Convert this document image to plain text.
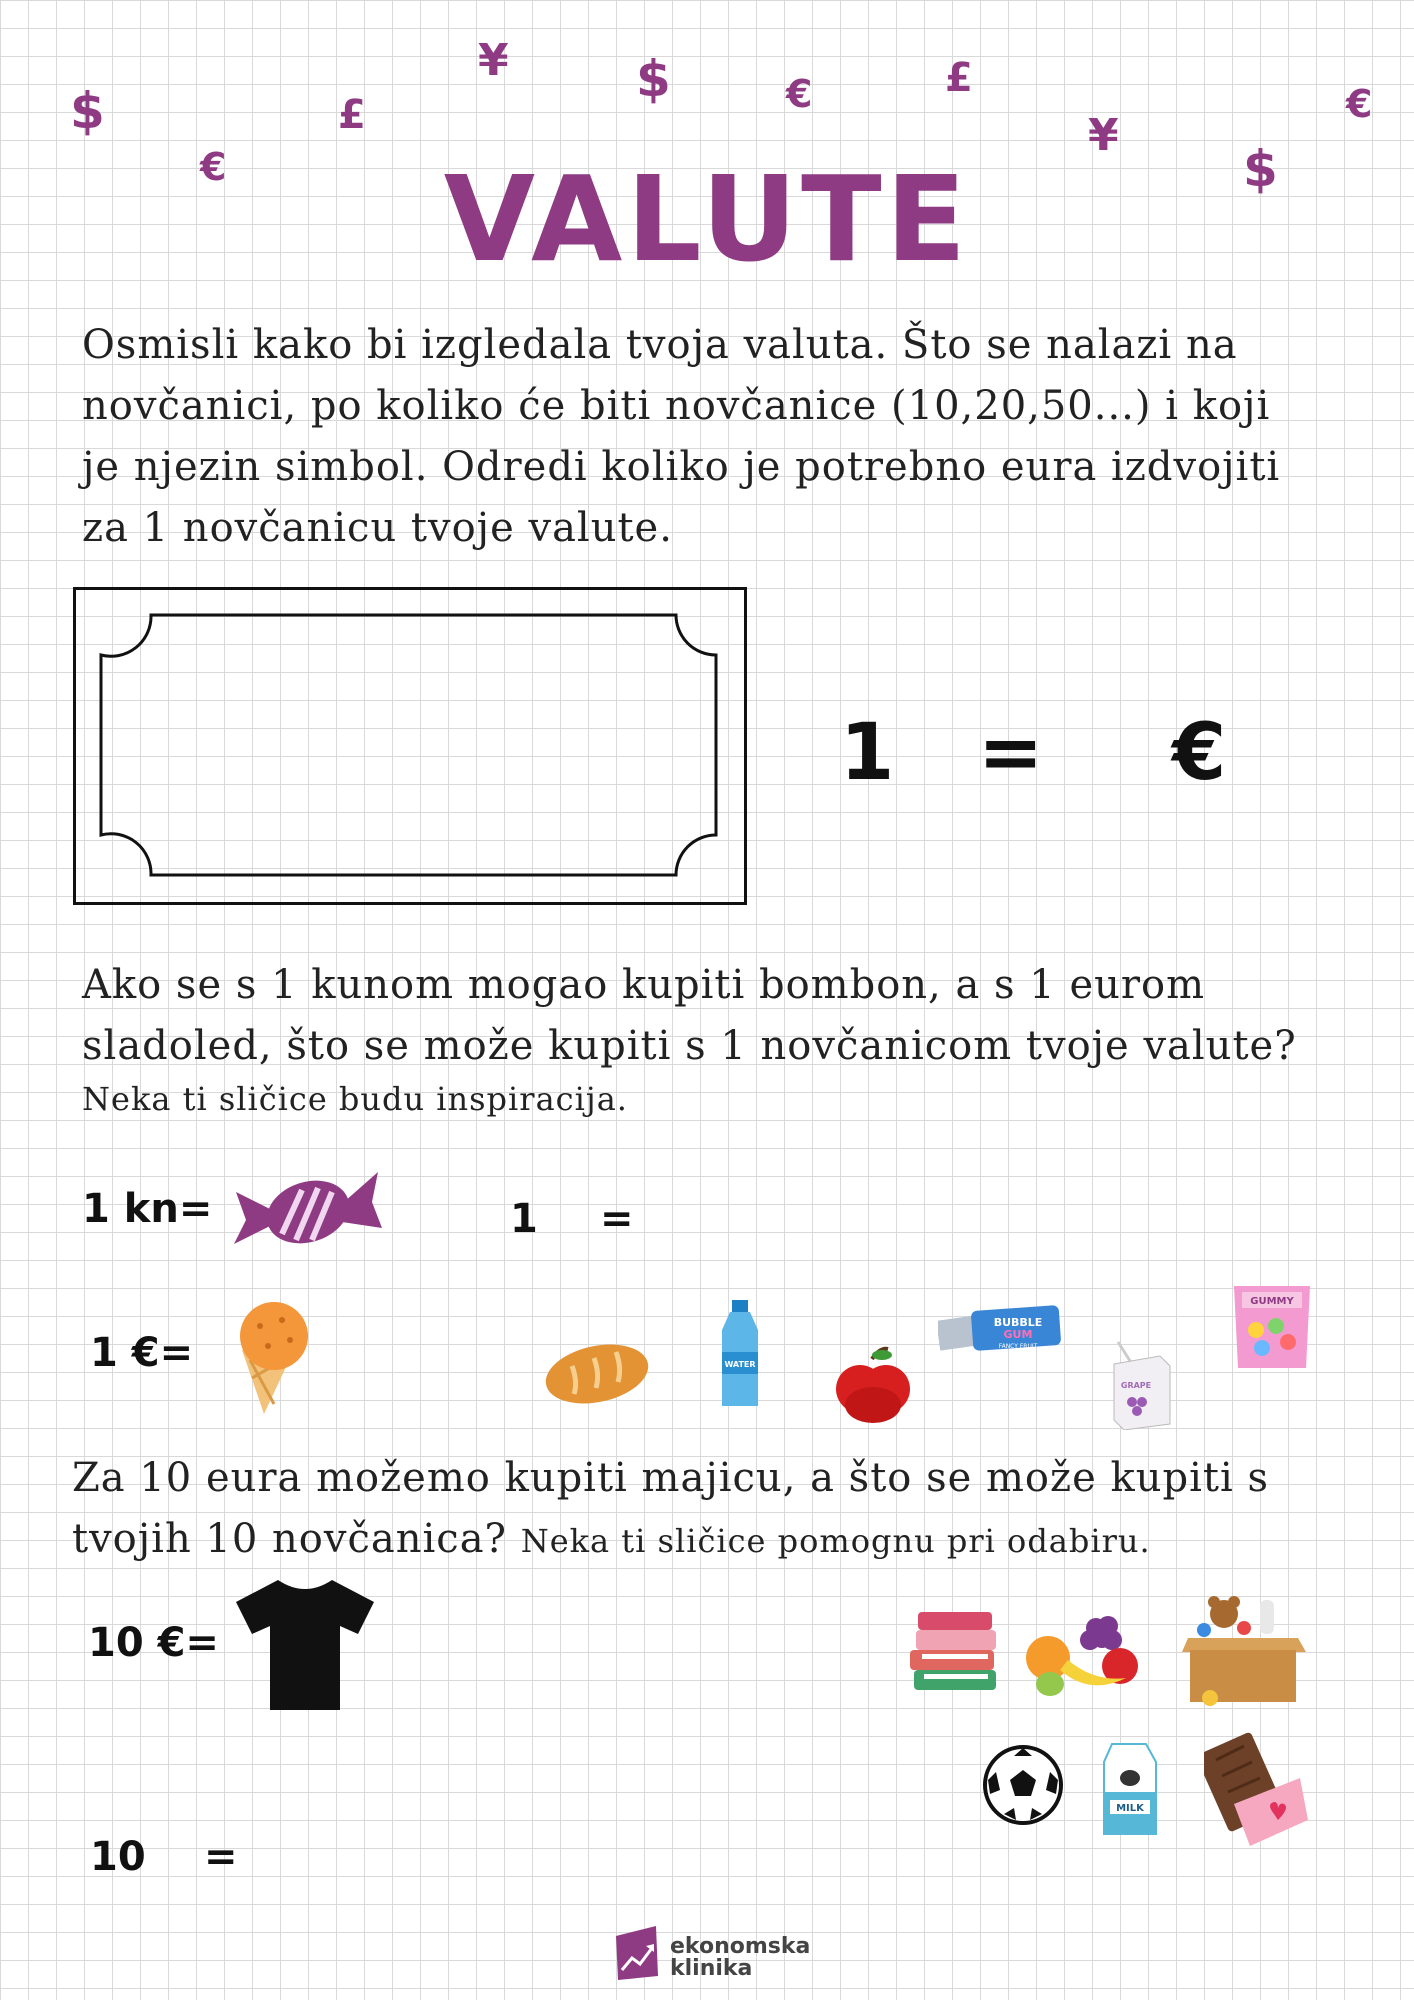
$
€
£
¥	$	€	£
¥
$
€
VALUTE
Osmisli kako bi izgledala tvoja valuta. Što se nalazi na
novčanici, po koliko će biti novčanice (10,20,50...) i koji
je njezin simbol. Odredi koliko je potrebno eura izdvojiti
za 1 novčanicu tvoje valute.
1 = €
Ako se s 1 kunom mogao kupiti bombon, a s 1 eurom
sladoled, što se može kupiti s 1 novčanicom tvoje valute?
Neka ti sličice budu inspiracija.
1 kn=
1 €=
1 =
WATER
BUBBLE
GUM
FANCY FRUIT
GRAPE
GUMMY
Za 10 eura možemo kupiti majicu, a što se može kupiti s
tvojih 10 novčanica? Neka ti sličice pomognu pri odabiru.
10 €=
10 =
MILK
ekonomska
klinika
